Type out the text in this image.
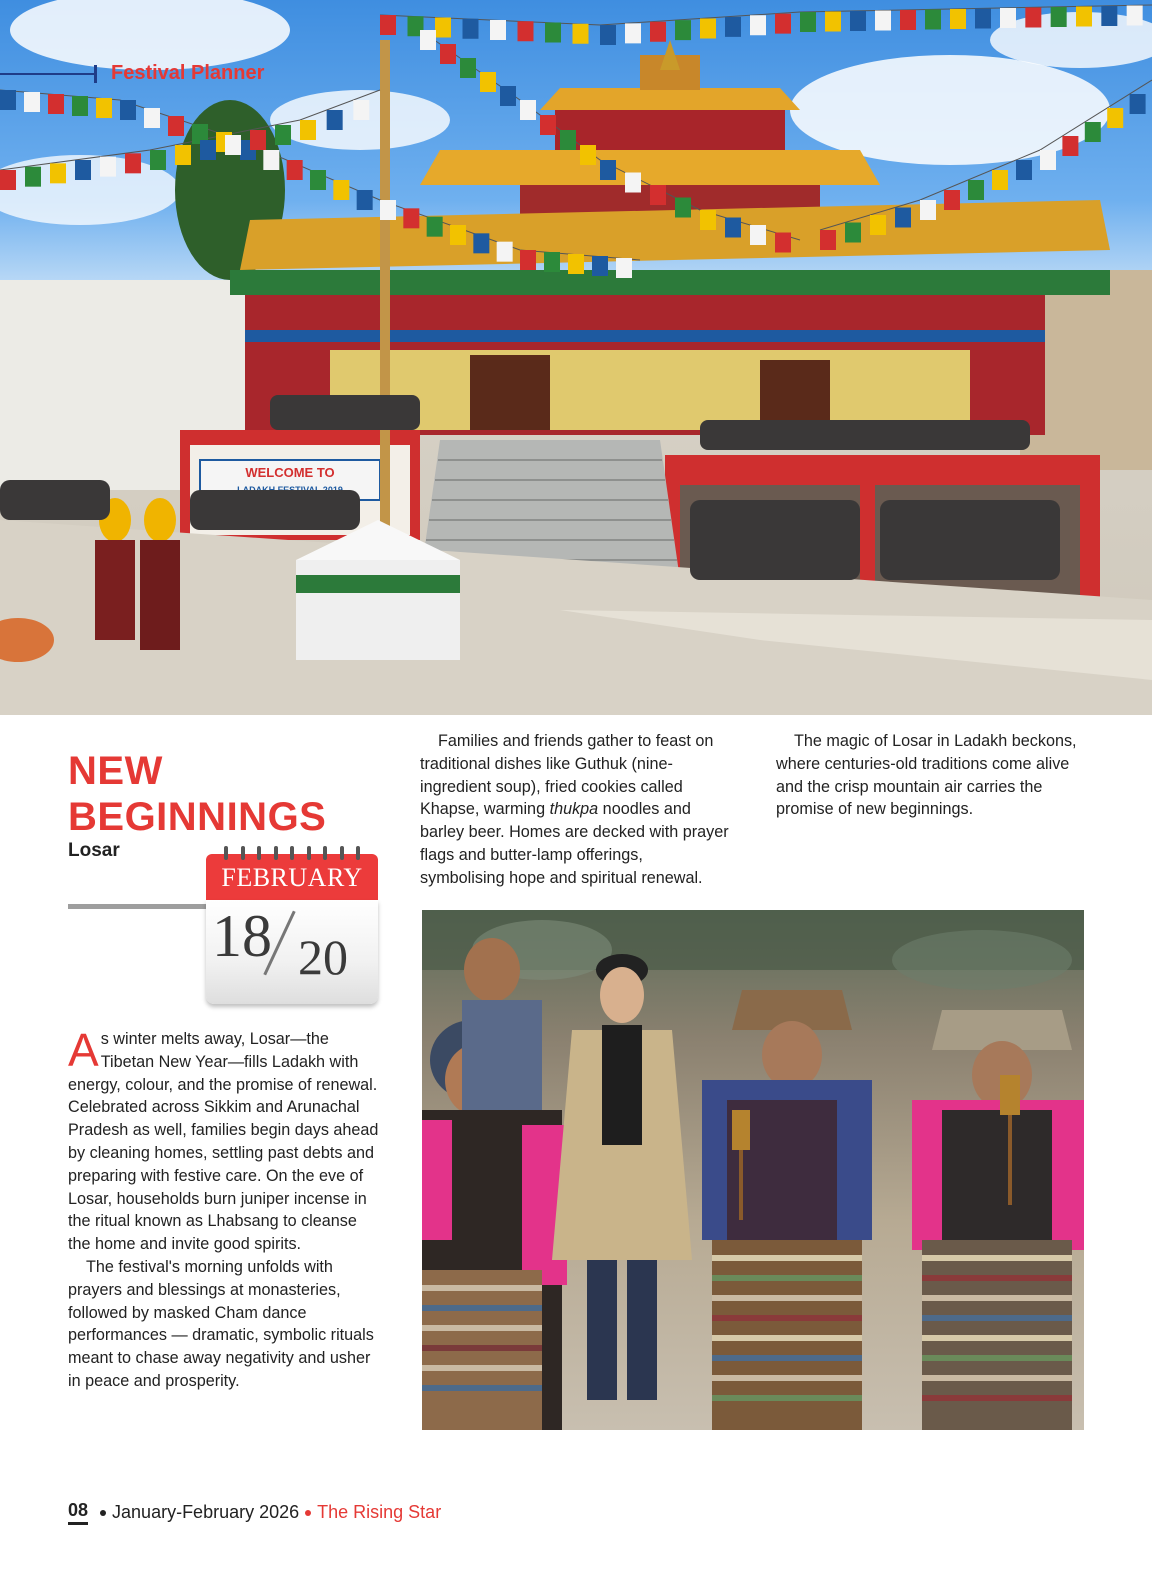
WELCOME TO
Festival Planner
NEW
BEGINNINGS
Losar
FEBRUARY
18 20

As winter melts away, Losar—the Tibetan New Year—fills Ladakh with energy, colour, and the promise of renewal. Celebrated across Sikkim and Arunachal Pradesh as well, families begin days ahead by cleaning homes, settling past debts and preparing with festive care. On the eve of Losar, households burn juniper incense in the ritual known as Lhabsang to cleanse the home and invite good spirits.

The festival's morning unfolds with prayers and blessings at monasteries, followed by masked Cham dance performances — dramatic, symbolic rituals meant to chase away negativity and usher in peace and prosperity.

Families and friends gather to feast on traditional dishes like Guthuk (nine-ingredient soup), fried cookies called Khapse, warming thukpa noodles and barley beer. Homes are decked with prayer flags and butter-lamp offerings, symbolising hope and spiritual renewal.

The magic of Losar in Ladakh beckons, where centuries-old traditions come alive and the crisp mountain air carries the promise of new beginnings.

08 January-February 2026 The Rising Star
